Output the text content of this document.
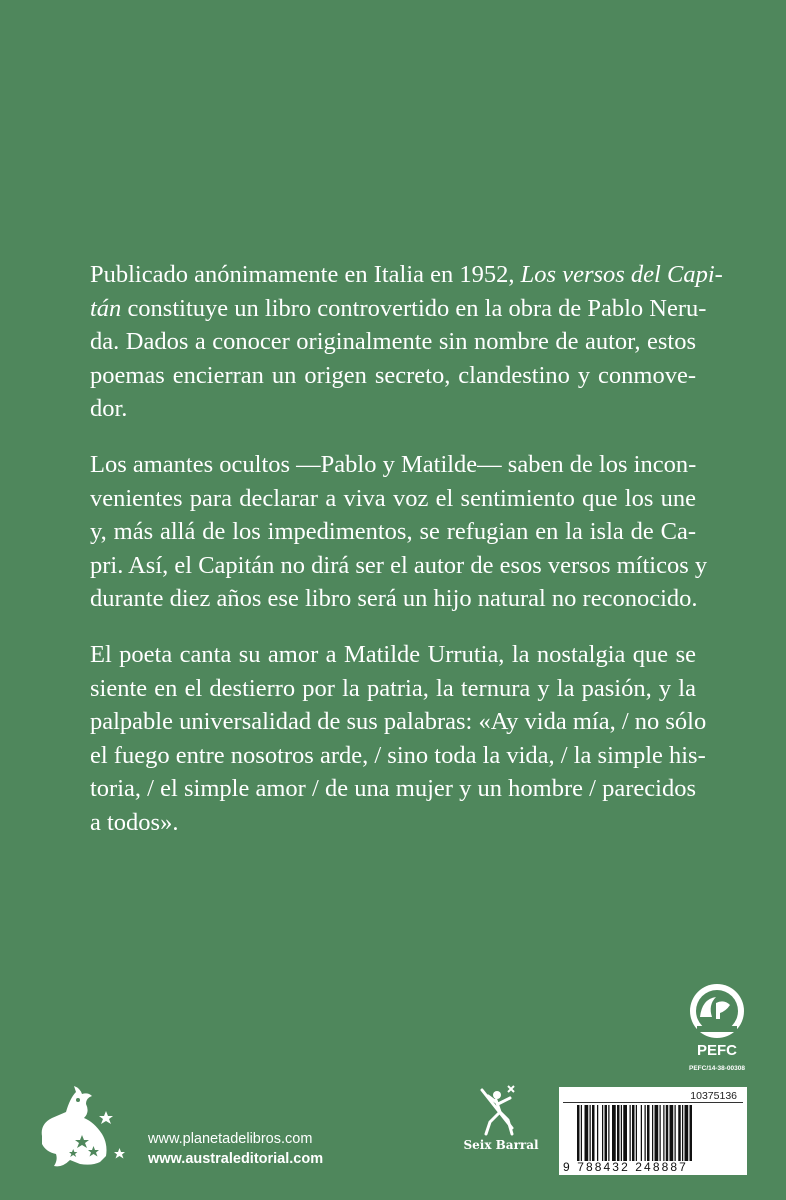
Publicado anónimamente en Italia en 1952, Los versos del Capi-
tán constituye un libro controvertido en la obra de Pablo Neru-
da. Dados a conocer originalmente sin nombre de autor, estos
poemas encierran un origen secreto, clandestino y conmove-
dor.

Los amantes ocultos —Pablo y Matilde— saben de los incon-
venientes para declarar a viva voz el sentimiento que los une
y, más allá de los impedimentos, se refugian en la isla de Ca-
pri. Así, el Capitán no dirá ser el autor de esos versos míticos y
durante diez años ese libro será un hijo natural no reconocido.

El poeta canta su amor a Matilde Urrutia, la nostalgia que se
siente en el destierro por la patria, la ternura y la pasión, y la
palpable universalidad de sus palabras: «Ay vida mía, / no sólo
el fuego entre nosotros arde, / sino toda la vida, / la simple his-
toria, / el simple amor / de una mujer y un hombre / parecidos
a todos».

PEFC
PEFC/14-38-00308
10375136
9 788432 248887
Seix Barral
www.planetadelibros.com
www.australeditorial.com
